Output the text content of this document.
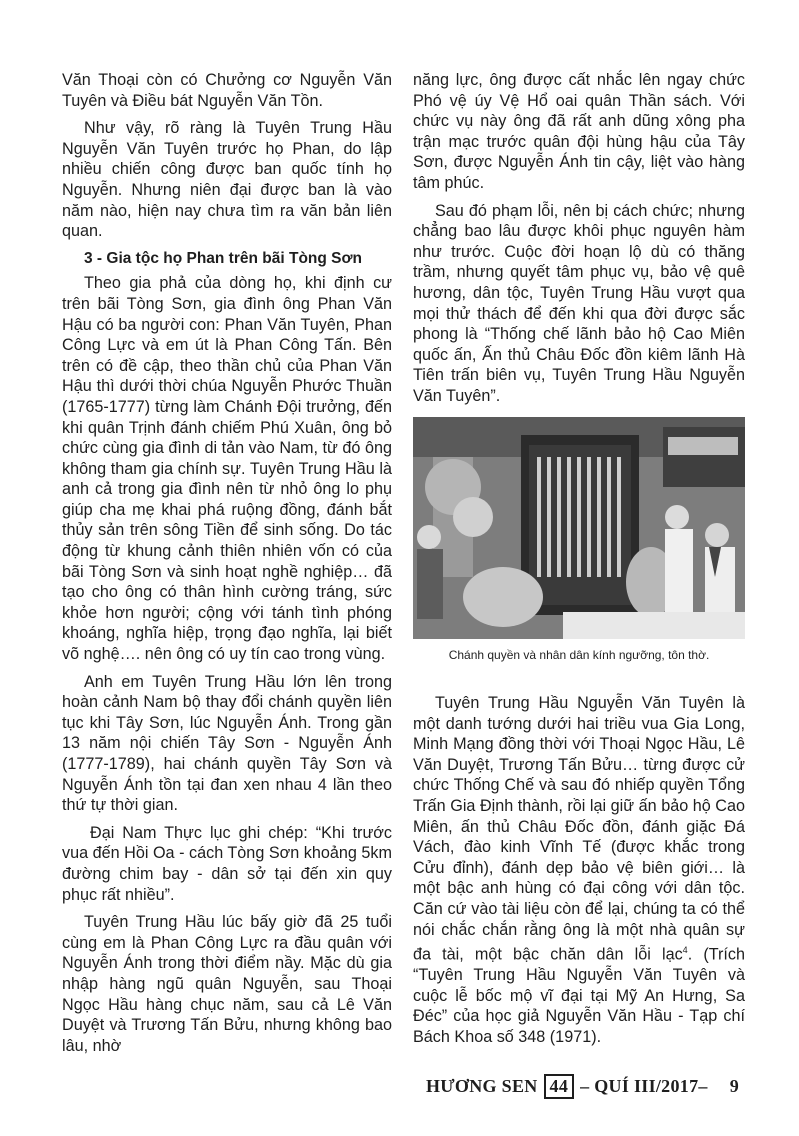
Văn Thoại còn có Chưởng cơ Nguyễn Văn Tuyên và Điều bát Nguyễn Văn Tồn.

Như vậy, rõ ràng là Tuyên Trung Hầu Nguyễn Văn Tuyên trước họ Phan, do lập nhiều chiến công được ban quốc tính họ Nguyễn. Nhưng niên đại được ban là vào năm nào, hiện nay chưa tìm ra văn bản liên quan.

3 - Gia tộc họ Phan trên bãi Tòng Sơn

Theo gia phả của dòng họ, khi định cư trên bãi Tòng Sơn, gia đình ông Phan Văn Hậu có ba người con: Phan Văn Tuyên, Phan Công Lực và em út là Phan Công Tấn. Bên trên có đề cập, theo thần chủ của Phan Văn Hậu thì dưới thời chúa Nguyễn Phước Thuần (1765-1777) từng làm Chánh Đội trưởng, đến khi quân Trịnh đánh chiếm Phú Xuân, ông bỏ chức cùng gia đình di tản vào Nam, từ đó ông không tham gia chính sự. Tuyên Trung Hầu là anh cả trong gia đình nên từ nhỏ ông lo phụ giúp cha mẹ khai phá ruộng đồng, đánh bắt thủy sản trên sông Tiền để sinh sống. Do tác động từ khung cảnh thiên nhiên vốn có của bãi Tòng Sơn và sinh hoạt nghề nghiệp… đã tạo cho ông có thân hình cường tráng, sức khỏe hơn người; cộng với tánh tình phóng khoáng, nghĩa hiệp, trọng đạo nghĩa, lại biết võ nghệ…. nên ông có uy tín cao trong vùng.

Anh em Tuyên Trung Hầu lớn lên trong hoàn cảnh Nam bộ thay đổi chánh quyền liên tục khi Tây Sơn, lúc Nguyễn Ánh. Trong gần 13 năm nội chiến Tây Sơn - Nguyễn Ánh (1777-1789), hai chánh quyền Tây Sơn và Nguyễn Ánh tồn tại đan xen nhau 4 lần theo thứ tự thời gian.

Đại Nam Thực lục ghi chép: “Khi trước vua đến Hồi Oa - cách Tòng Sơn khoảng 5km đường chim bay - dân sở tại đến xin quy phục rất nhiều”.

Tuyên Trung Hầu lúc bấy giờ đã 25 tuổi cùng em là Phan Công Lực ra đầu quân với Nguyễn Ánh trong thời điểm nầy. Mặc dù gia nhập hàng ngũ quân Nguyễn, sau Thoại Ngọc Hầu hàng chục năm, sau cả Lê Văn Duyệt và Trương Tấn Bửu, nhưng không bao lâu, nhờ

năng lực, ông được cất nhắc lên ngay chức Phó vệ úy Vệ Hổ oai quân Thần sách. Với chức vụ này ông đã rất anh dũng xông pha trận mạc trước quân đội hùng hậu của Tây Sơn, được Nguyễn Ánh tin cậy, liệt vào hàng tâm phúc.

Sau đó phạm lỗi, nên bị cách chức; nhưng chẳng bao lâu được khôi phục nguyên hàm như trước. Cuộc đời hoạn lộ dù có thăng trầm, nhưng quyết tâm phục vụ, bảo vệ quê hương, dân tộc, Tuyên Trung Hầu vượt qua mọi thử thách để đến khi qua đời được sắc phong là “Thống chế lãnh bảo hộ Cao Miên quốc ấn, Ấn thủ Châu Đốc đồn kiêm lãnh Hà Tiên trấn biên vụ, Tuyên Trung Hầu Nguyễn Văn Tuyên”.

Chánh quyền và nhân dân kính ngưỡng, tôn thờ.

Tuyên Trung Hầu Nguyễn Văn Tuyên là một danh tướng dưới hai triều vua Gia Long, Minh Mạng đồng thời với Thoại Ngọc Hầu, Lê Văn Duyệt, Trương Tấn Bửu… từng được cử chức Thống Chế và sau đó nhiếp quyền Tổng Trấn Gia Định thành, rồi lại giữ ấn bảo hộ Cao Miên, ấn thủ Châu Đốc đồn, đánh giặc Đá Vách, đào kinh Vĩnh Tế (được khắc trong Cửu đỉnh), đánh dẹp bảo vệ biên giới… là một bậc anh hùng có đại công với dân tộc. Căn cứ vào tài liệu còn để lại, chúng ta có thể nói chắc chắn rằng ông là một nhà quân sự đa tài, một bậc chăn dân lỗi lạc$^4$. (Trích “Tuyên Trung Hầu Nguyễn Văn Tuyên và cuộc lễ bốc mộ vĩ đại tại Mỹ An Hưng, Sa Đéc” của học giả Nguyễn Văn Hầu - Tạp chí Bách Khoa số 348 (1971).

HƯƠNG SEN 44 – QUÍ III/2017– 9
